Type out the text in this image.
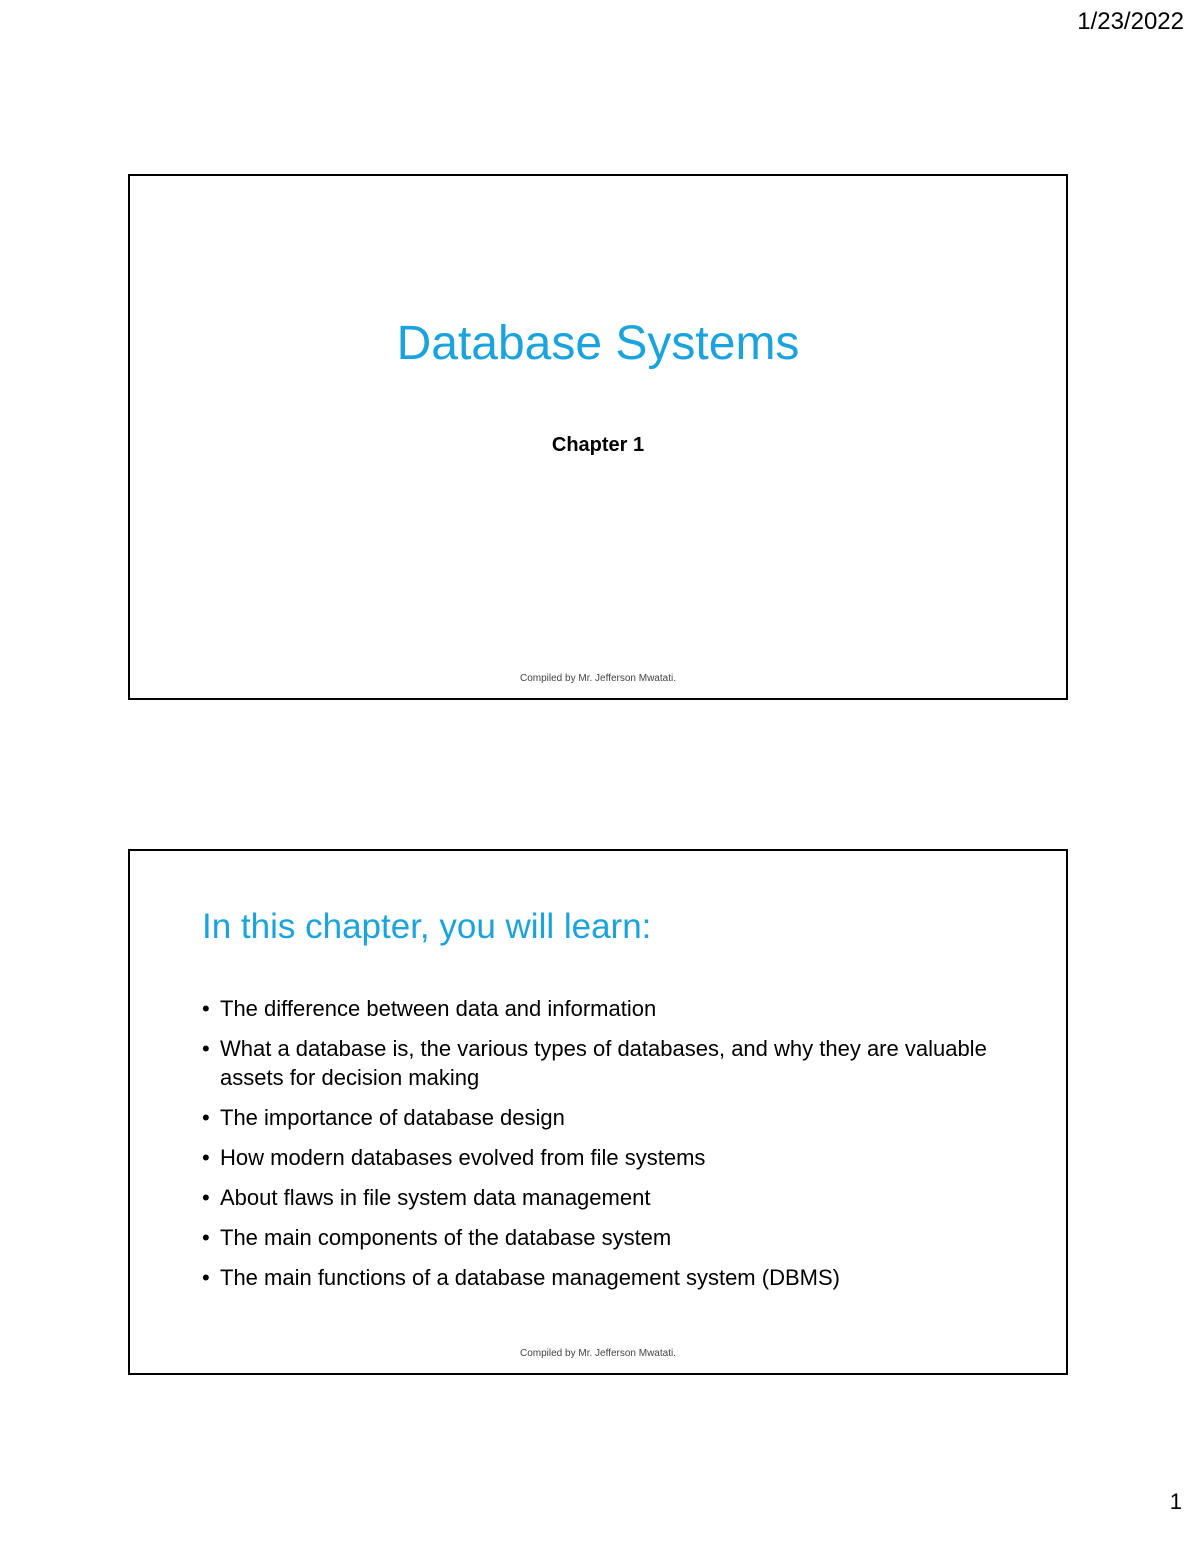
1/23/2022
Database Systems
Chapter 1
Compiled by Mr. Jefferson Mwatati.
In this chapter, you will learn:
• The difference between data and information
• What a database is, the various types of databases, and why they are valuable assets for decision making
• The importance of database design
• How modern databases evolved from file systems
• About flaws in file system data management
• The main components of the database system
• The main functions of a database management system (DBMS)
Compiled by Mr. Jefferson Mwatati.
1
